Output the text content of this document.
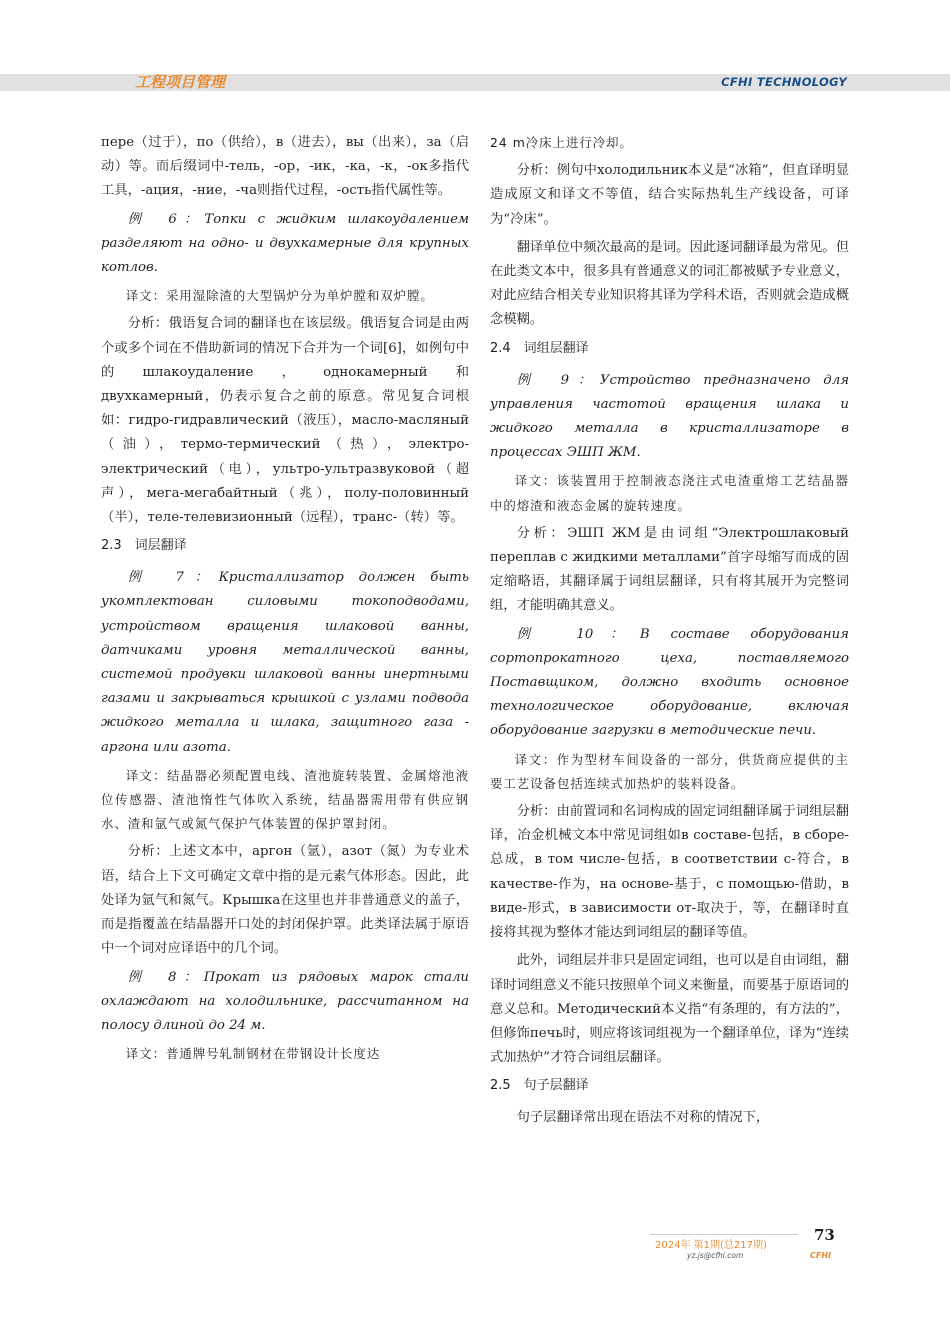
工程项目管理	CFHI TECHNOLOGY

пере（过于），по（供给），в（进去），вы（出来），за（启动）等。而后缀词中-тель，-ор，-ик，-ка，-к，-ок多指代工具，-ация，-ние，-ча则指代过程，-ость指代属性等。

例　6：Топки с жидким шлакоудалением разделяют на одно- и двухкамерные для крупных котлов.

译文：采用湿除渣的大型锅炉分为单炉膛和双炉膛。

分析：俄语复合词的翻译也在该层级。俄语复合词是由两个或多个词在不借助新词的情况下合并为一个词[6]，如例句中的шлакоудаление，однокамерный和двухкамерный，仍表示复合之前的原意。常见复合词根如：гидро-гидравлический（液压），масло-масляный（油），термо-термический（热），электро-электрический（电），ультро-ультразвуковой（超声），мега-мегабайтный（兆），полу-половинный（半），теле-телевизионный（远程），транс-（转）等。

2.3　词层翻译

例　7：Кристаллизатор должен быть укомплектован силовыми токоподводами, устройством вращения шлаковой ванны, датчиками уровня металлической ванны, системой продувки шлаковой ванны инертными газами и закрываться крышкой с узлами подвода жидкого металла и шлака, защитного газа - аргона или азота.

译文：结晶器必须配置电线、渣池旋转装置、金属熔池液位传感器、渣池惰性气体吹入系统，结晶器需用带有供应钢水、渣和氩气或氮气保护气体装置的保护罩封闭。

分析：上述文本中，аргон（氩），азот（氮）为专业术语，结合上下文可确定文章中指的是元素气体形态。因此，此处译为氩气和氮气。Крышка在这里也并非普通意义的盖子，而是指覆盖在结晶器开口处的封闭保护罩。此类译法属于原语中一个词对应译语中的几个词。

例　8：Прокат из рядовых марок стали охлаждают на холодильнике, рассчитанном на полосу длиной до 24 м.

译文：普通牌号轧制钢材在带钢设计长度达

24 m冷床上进行冷却。

分析：例句中холодильник本义是“冰箱”，但直译明显造成原文和译文不等值，结合实际热轧生产线设备，可译为“冷床”。

翻译单位中频次最高的是词。因此逐词翻译最为常见。但在此类文本中，很多具有普通意义的词汇都被赋予专业意义，对此应结合相关专业知识将其译为学科术语，否则就会造成概念模糊。

2.4　词组层翻译

例　9：Устройство предназначено для управления частотой вращения шлака и жидкого металла в кристаллизаторе в процессах ЭШП ЖМ.

译文：该装置用于控制液态浇注式电渣重熔工艺结晶器中的熔渣和液态金属的旋转速度。

分析：ЭШП ЖМ是由词组“Электрошлаковый переплав с жидкими металлами”首字母缩写而成的固定缩略语，其翻译属于词组层翻译，只有将其展开为完整词组，才能明确其意义。

例　10：В составе оборудования сортопрокатного цеха, поставляемого Поставщиком, должно входить основное технологическое оборудование, включая оборудование загрузки в методические печи.

译文：作为型材车间设备的一部分，供货商应提供的主要工艺设备包括连续式加热炉的装料设备。

分析：由前置词和名词构成的固定词组翻译属于词组层翻译，冶金机械文本中常见词组如в составе-包括，в сборе-总成，в том числе-包括，в соответствии с-符合，в качестве-作为，на основе-基于，с помощью-借助，в виде-形式，в зависимости от-取决于，等，在翻译时直接将其视为整体才能达到词组层的翻译等值。

此外，词组层并非只是固定词组，也可以是自由词组，翻译时词组意义不能只按照单个词义来衡量，而要基于原语词的意义总和。Методический本义指“有条理的，有方法的”，但修饰печь时，则应将该词组视为一个翻译单位，译为“连续式加热炉”才符合词组层翻译。

2.5　句子层翻译

句子层翻译常出现在语法不对称的情况下，

2024年 第1期(总217期)
yz.js@cfhi.com
73
CFHI
